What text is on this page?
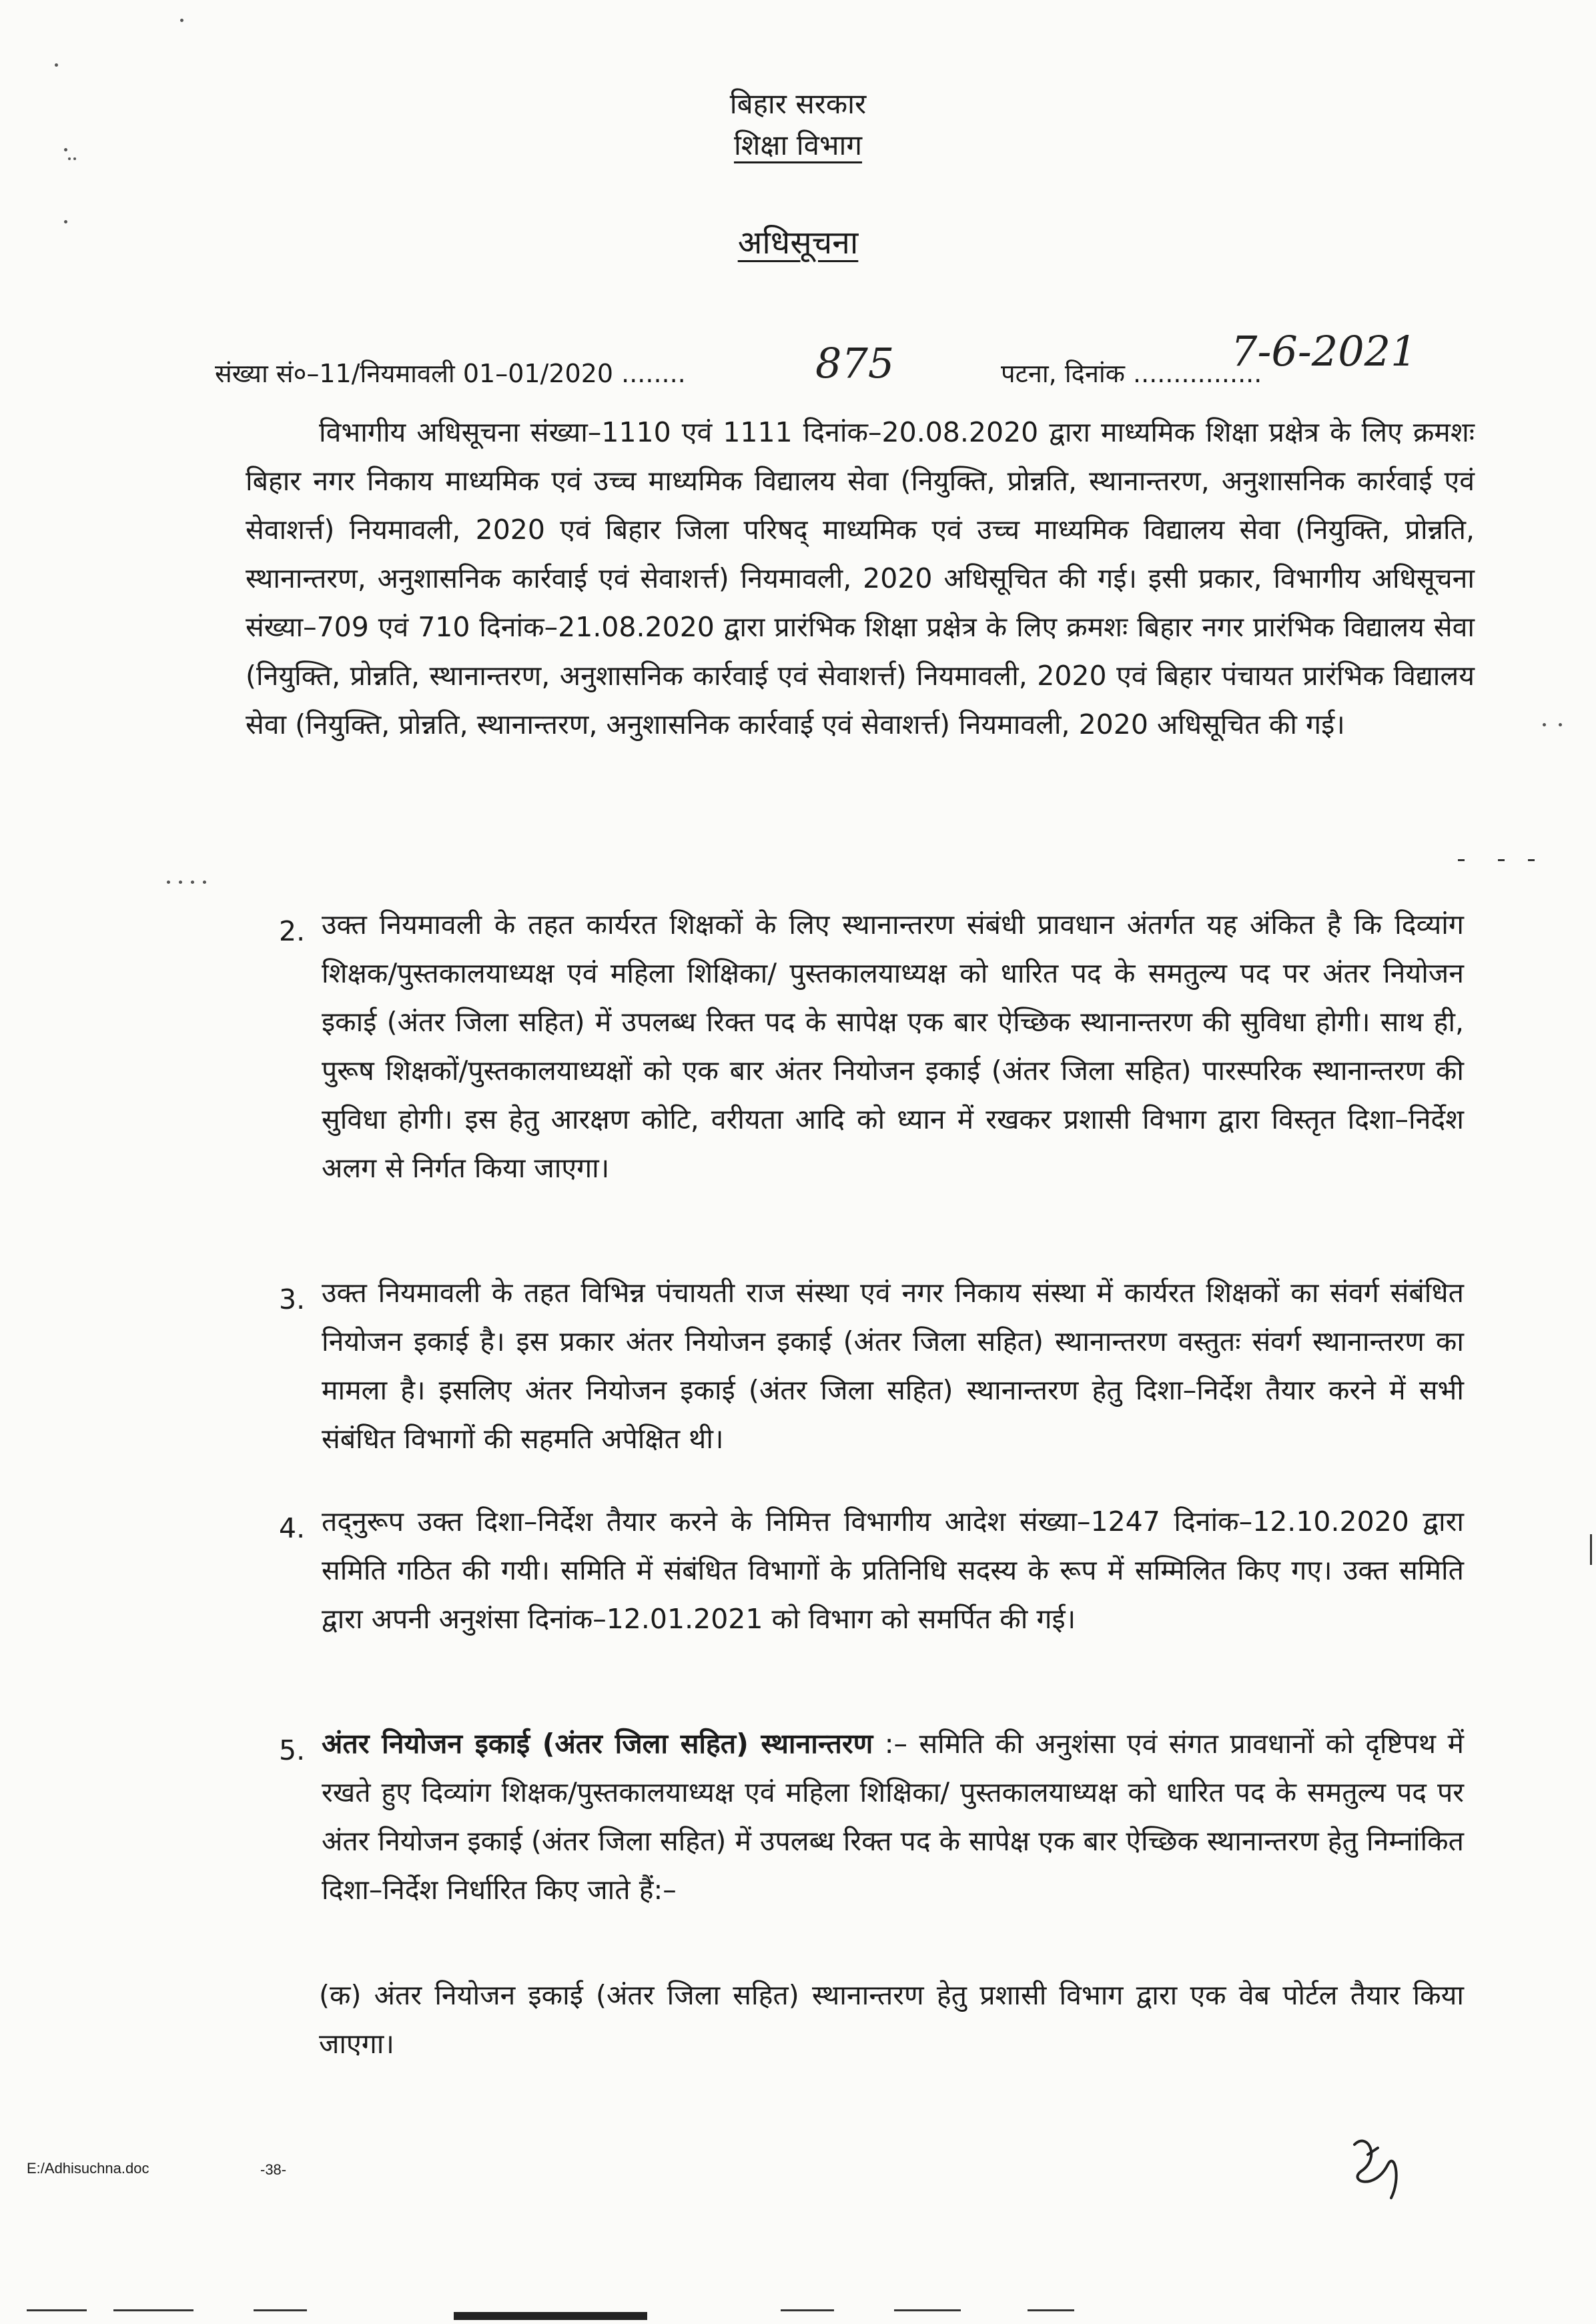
बिहार सरकार
शिक्षा विभाग
अधिसूचना
संख्या सं०–11/नियमावली 01–01/2020 ........	875	पटना, दिनांक ................
7-6-2021
विभागीय अधिसूचना संख्या–1110 एवं 1111 दिनांक–20.08.2020 द्वारा माध्यमिक शिक्षा प्रक्षेत्र के लिए क्रमशः बिहार नगर निकाय माध्यमिक एवं उच्च माध्यमिक विद्यालय सेवा (नियुक्ति, प्रोन्नति, स्थानान्तरण, अनुशासनिक कार्रवाई एवं सेवाशर्त्त) नियमावली, 2020 एवं बिहार जिला परिषद् माध्यमिक एवं उच्च माध्यमिक विद्यालय सेवा (नियुक्ति, प्रोन्नति, स्थानान्तरण, अनुशासनिक कार्रवाई एवं सेवाशर्त्त) नियमावली, 2020 अधिसूचित की गई। इसी प्रकार, विभागीय अधिसूचना संख्या–709 एवं 710 दिनांक–21.08.2020 द्वारा प्रारंभिक शिक्षा प्रक्षेत्र के लिए क्रमशः बिहार नगर प्रारंभिक विद्यालय सेवा (नियुक्ति, प्रोन्नति, स्थानान्तरण, अनुशासनिक कार्रवाई एवं सेवाशर्त्त) नियमावली, 2020 एवं बिहार पंचायत प्रारंभिक विद्यालय सेवा (नियुक्ति, प्रोन्नति, स्थानान्तरण, अनुशासनिक कार्रवाई एवं सेवाशर्त्त) नियमावली, 2020 अधिसूचित की गई।
2. उक्त नियमावली के तहत कार्यरत शिक्षकों के लिए स्थानान्तरण संबंधी प्रावधान अंतर्गत यह अंकित है कि दिव्यांग शिक्षक/पुस्तकालयाध्यक्ष एवं महिला शिक्षिका/ पुस्तकालयाध्यक्ष को धारित पद के समतुल्य पद पर अंतर नियोजन इकाई (अंतर जिला सहित) में उपलब्ध रिक्त पद के सापेक्ष एक बार ऐच्छिक स्थानान्तरण की सुविधा होगी। साथ ही, पुरूष शिक्षकों/पुस्तकालयाध्यक्षों को एक बार अंतर नियोजन इकाई (अंतर जिला सहित) पारस्परिक स्थानान्तरण की सुविधा होगी। इस हेतु आरक्षण कोटि, वरीयता आदि को ध्यान में रखकर प्रशासी विभाग द्वारा विस्तृत दिशा–निर्देश अलग से निर्गत किया जाएगा।
3. उक्त नियमावली के तहत विभिन्न पंचायती राज संस्था एवं नगर निकाय संस्था में कार्यरत शिक्षकों का संवर्ग संबंधित नियोजन इकाई है। इस प्रकार अंतर नियोजन इकाई (अंतर जिला सहित) स्थानान्तरण वस्तुतः संवर्ग स्थानान्तरण का मामला है। इसलिए अंतर नियोजन इकाई (अंतर जिला सहित) स्थानान्तरण हेतु दिशा–निर्देश तैयार करने में सभी संबंधित विभागों की सहमति अपेक्षित थी।
4. तद्नुरूप उक्त दिशा–निर्देश तैयार करने के निमित्त विभागीय आदेश संख्या–1247 दिनांक–12.10.2020 द्वारा समिति गठित की गयी। समिति में संबंधित विभागों के प्रतिनिधि सदस्य के रूप में सम्मिलित किए गए। उक्त समिति द्वारा अपनी अनुशंसा दिनांक–12.01.2021 को विभाग को समर्पित की गई।
5. अंतर नियोजन इकाई (अंतर जिला सहित) स्थानान्तरण :– समिति की अनुशंसा एवं संगत प्रावधानों को दृष्टिपथ में रखते हुए दिव्यांग शिक्षक/पुस्तकालयाध्यक्ष एवं महिला शिक्षिका/ पुस्तकालयाध्यक्ष को धारित पद के समतुल्य पद पर अंतर नियोजन इकाई (अंतर जिला सहित) में उपलब्ध रिक्त पद के सापेक्ष एक बार ऐच्छिक स्थानान्तरण हेतु निम्नांकित दिशा–निर्देश निर्धारित किए जाते हैं:–
(क) अंतर नियोजन इकाई (अंतर जिला सहित) स्थानान्तरण हेतु प्रशासी विभाग द्वारा एक वेब पोर्टल तैयार किया जाएगा।
E:/Adhisuchna.doc	-38-
